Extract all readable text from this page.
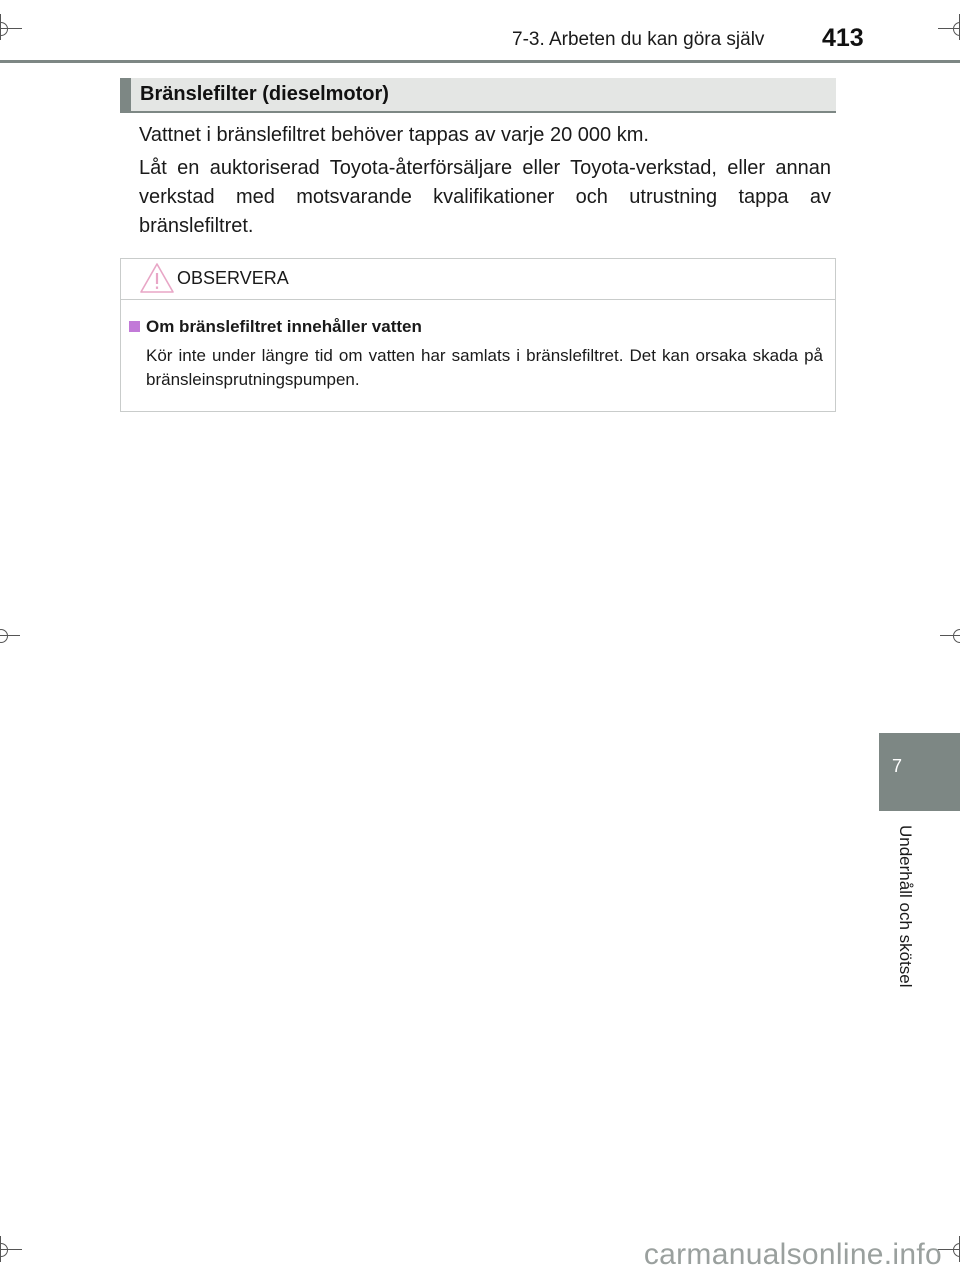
7-3. Arbeten du kan göra själv 413
Bränslefilter (dieselmotor)
Vattnet i bränslefiltret behöver tappas av varje 20 000 km.
Låt en auktoriserad Toyota-återförsäljare eller Toyota-verkstad, eller annan verkstad med motsvarande kvalifikationer och utrustning tappa av bränslefiltret.
OBSERVERA
Om bränslefiltret innehåller vatten
Kör inte under längre tid om vatten har samlats i bränslefiltret. Det kan orsaka skada på bränsleinsprutningspumpen.
7
Underhåll och skötsel
carmanualsonline.info
